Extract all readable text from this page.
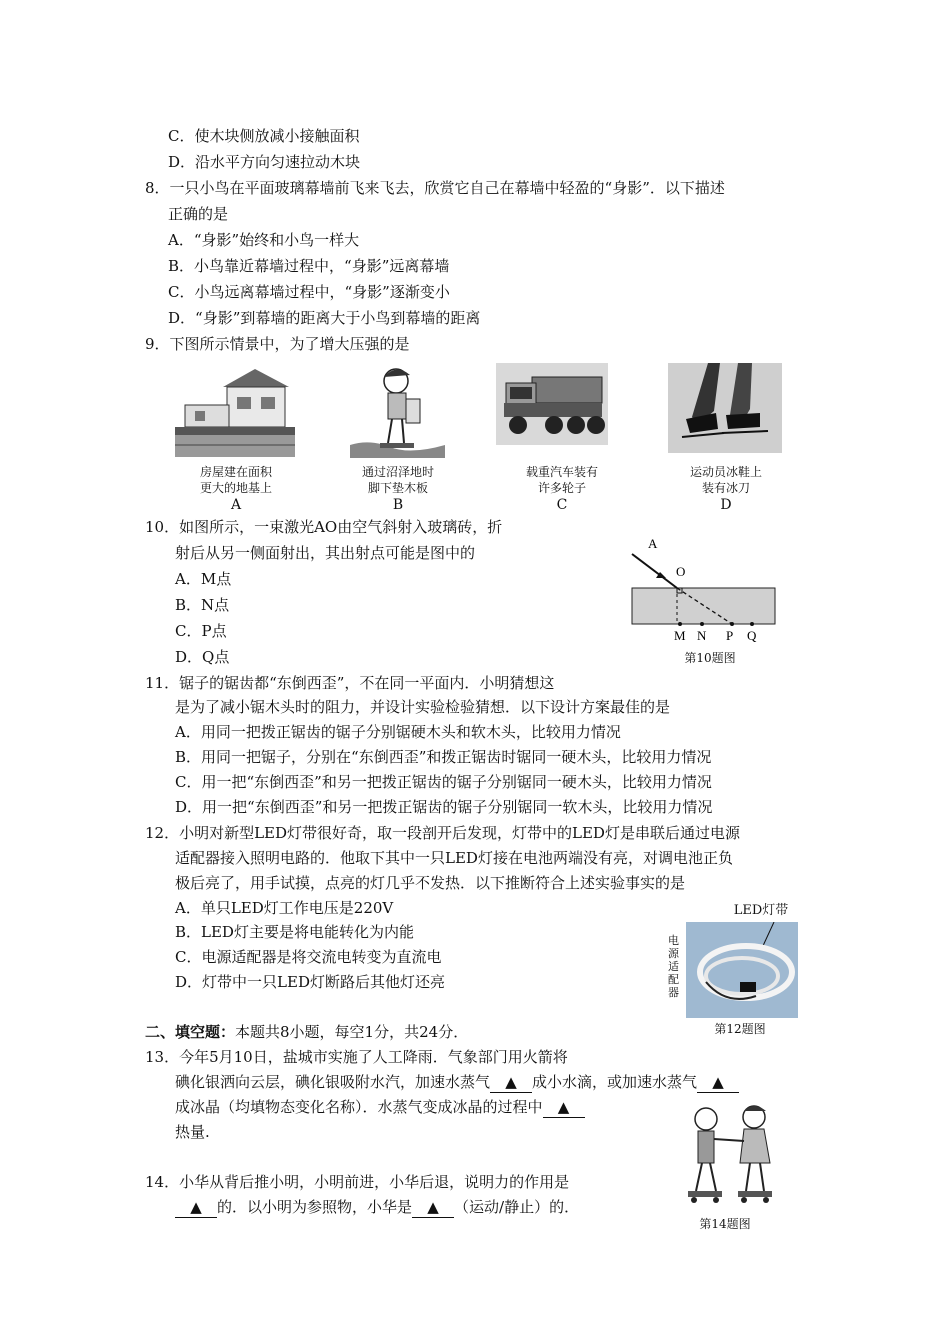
C．使木块侧放减小接触面积
D．沿水平方向匀速拉动木块
8．一只小鸟在平面玻璃幕墙前飞来飞去，欣赏它自己在幕墙中轻盈的“身影”．以下描述
正确的是
A．“身影”始终和小鸟一样大
B．小鸟靠近幕墙过程中，“身影”远离幕墙
C．小鸟远离幕墙过程中，“身影”逐渐变小
D．“身影”到幕墙的距离大于小鸟到幕墙的距离
9．下图所示情景中，为了增大压强的是
房屋建在面积
更大的地基上
通过沼泽地时
脚下垫木板
载重汽车装有
许多轮子
运动员冰鞋上
装有冰刀
A	B	C	D
10．如图所示，一束激光AO由空气斜射入玻璃砖，折
射后从另一侧面射出，其出射点可能是图中的
A．M点
B．N点
C．P点
D．Q点
A
O
M N P Q
第10题图
11．锯子的锯齿都“东倒西歪”，不在同一平面内．小明猜想这
是为了减小锯木头时的阻力，并设计实验检验猜想．以下设计方案最佳的是
A．用同一把拨正锯齿的锯子分别锯硬木头和软木头，比较用力情况
B．用同一把锯子，分别在“东倒西歪”和拨正锯齿时锯同一硬木头，比较用力情况
C．用一把“东倒西歪”和另一把拨正锯齿的锯子分别锯同一硬木头，比较用力情况
D．用一把“东倒西歪”和另一把拨正锯齿的锯子分别锯同一软木头，比较用力情况
12．小明对新型LED灯带很好奇，取一段剖开后发现，灯带中的LED灯是串联后通过电源
适配器接入照明电路的．他取下其中一只LED灯接在电池两端没有亮，对调电池正负
极后亮了，用手试摸，点亮的灯几乎不发热．以下推断符合上述实验事实的是
A．单只LED灯工作电压是220V
B．LED灯主要是将电能转化为内能
C．电源适配器是将交流电转变为直流电
D．灯带中一只LED灯断路后其他灯还亮
LED灯带
电源适配器
第12题图
二、填空题：本题共8小题，每空1分，共24分．
13．今年5月10日，盐城市实施了人工降雨．气象部门用火箭将
碘化银洒向云层，碘化银吸附水汽，加速水蒸气 ▲ 成小水滴，或加速水蒸气 ▲
成冰晶（均填物态变化名称）．水蒸气变成冰晶的过程中 ▲
热量.
14．小华从背后推小明，小明前进，小华后退，说明力的作用是
▲ 的．以小明为参照物，小华是 ▲ （运动/静止）的．
第14题图
